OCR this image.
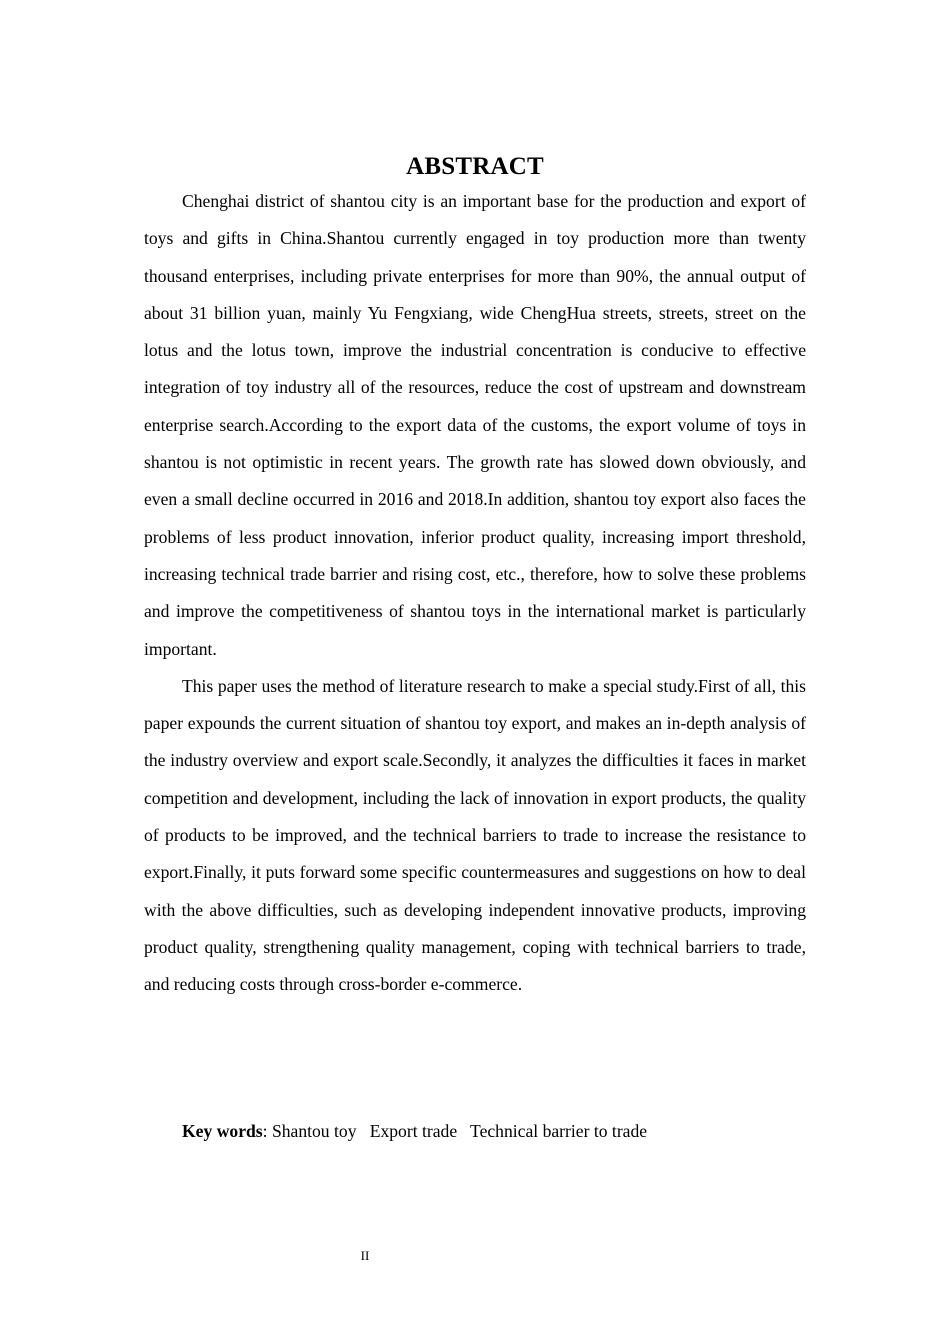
ABSTRACT

Chenghai district of shantou city is an important base for the production and export of toys and gifts in China.Shantou currently engaged in toy production more than twenty thousand enterprises, including private enterprises for more than 90%, the annual output of about 31 billion yuan, mainly Yu Fengxiang, wide ChengHua streets, streets, street on the lotus and the lotus town, improve the industrial concentration is conducive to effective integration of toy industry all of the resources, reduce the cost of upstream and downstream enterprise search.According to the export data of the customs, the export volume of toys in shantou is not optimistic in recent years. The growth rate has slowed down obviously, and even a small decline occurred in 2016 and 2018.In addition, shantou toy export also faces the problems of less product innovation, inferior product quality, increasing import threshold, increasing technical trade barrier and rising cost, etc., therefore, how to solve these problems and improve the competitiveness of shantou toys in the international market is particularly important.

This paper uses the method of literature research to make a special study.First of all, this paper expounds the current situation of shantou toy export, and makes an in-depth analysis of the industry overview and export scale.Secondly, it analyzes the difficulties it faces in market competition and development, including the lack of innovation in export products, the quality of products to be improved, and the technical barriers to trade to increase the resistance to export.Finally, it puts forward some specific countermeasures and suggestions on how to deal with the above difficulties, such as developing independent innovative products, improving product quality, strengthening quality management, coping with technical barriers to trade, and reducing costs through cross-border e-commerce.

Key words: Shantou toy Export trade Technical barrier to trade
II
